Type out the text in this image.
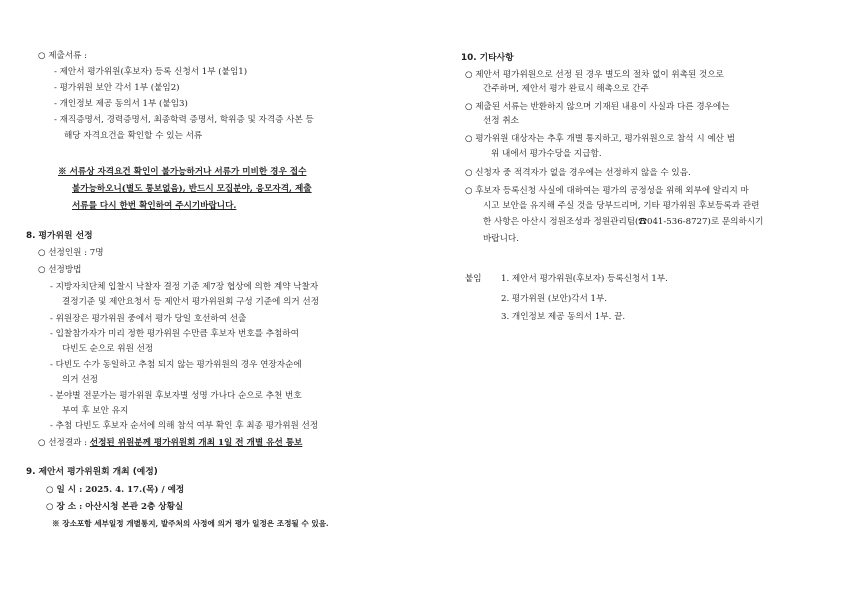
○ 제출서류 :
- 제안서 평가위원(후보자) 등록 신청서 1부 (붙임1)
- 평가위원 보안 각서 1부 (붙임2)
- 개인정보 제공 동의서 1부 (붙임3)
- 재직증명서, 경력증명서, 최종학력 증명서, 학위증 및 자격증 사본 등
해당 자격요건을 확인할 수 있는 서류
※ 서류상 자격요건 확인이 불가능하거나 서류가 미비한 경우 접수
불가능하오니(별도 통보없음), 반드시 모집분야, 응모자격, 제출
서류를 다시 한번 확인하여 주시기바랍니다.
8. 평가위원 선정
○ 선정인원 : 7명
○ 선정방법
- 지방자치단체 입찰시 낙찰자 결정 기준 제7장 협상에 의한 계약 낙찰자
결정기준 및 제안요청서 등 제안서 평가위원회 구성 기준에 의거 선정
- 위원장은 평가위원 중에서 평가 당일 호선하여 선출
- 입찰참가자가 미리 정한 평가위원 수만큼 후보자 번호를 추첨하여
다빈도 순으로 위원 선정
- 다빈도 수가 동일하고 추첨 되지 않는 평가위원의 경우 연장자순에
의거 선정
- 분야별 전문가는 평가위원 후보자별 성명 가나다 순으로 추천 번호
부여 후 보안 유지
- 추첨 다빈도 후보자 순서에 의해 참석 여부 확인 후 최종 평가위원 선정
○ 선정결과 : 선정된 위원분께 평가위원회 개최 1일 전 개별 유선 통보
9. 제안서 평가위원회 개최 (예정)
○ 일 시 : 2025. 4. 17.(목) / 예정
○ 장 소 : 아산시청 본관 2층 상황실
※ 장소포함 세부일정 개별통지, 발주처의 사정에 의거 평가 일정은 조정될 수 있음.
10. 기타사항
○ 제안서 평가위원으로 선정 된 경우 별도의 절차 없이 위촉된 것으로
간주하며, 제안서 평가 완료시 해촉으로 간주
○ 제출된 서류는 반환하지 않으며 기재된 내용이 사실과 다른 경우에는
선정 취소
○ 평가위원 대상자는 추후 개별 통지하고, 평가위원으로 참석 시 예산 범
위 내에서 평가수당을 지급함.
○ 신청자 중 적격자가 없을 경우에는 선정하지 않을 수 있음.
○ 후보자 등록신청 사실에 대하여는 평가의 공정성을 위해 외부에 알리지 마
시고 보안을 유지해 주실 것을 당부드리며, 기타 평가위원 후보등록과 관련
한 사항은 아산시 정원조성과 정원관리팀(☎041-536-8727)로 문의하시기
바랍니다.
붙임 1. 제안서 평가위원(후보자) 등록신청서 1부.
2. 평가위원 (보안)각서 1부.
3. 개인정보 제공 동의서 1부. 끝.
